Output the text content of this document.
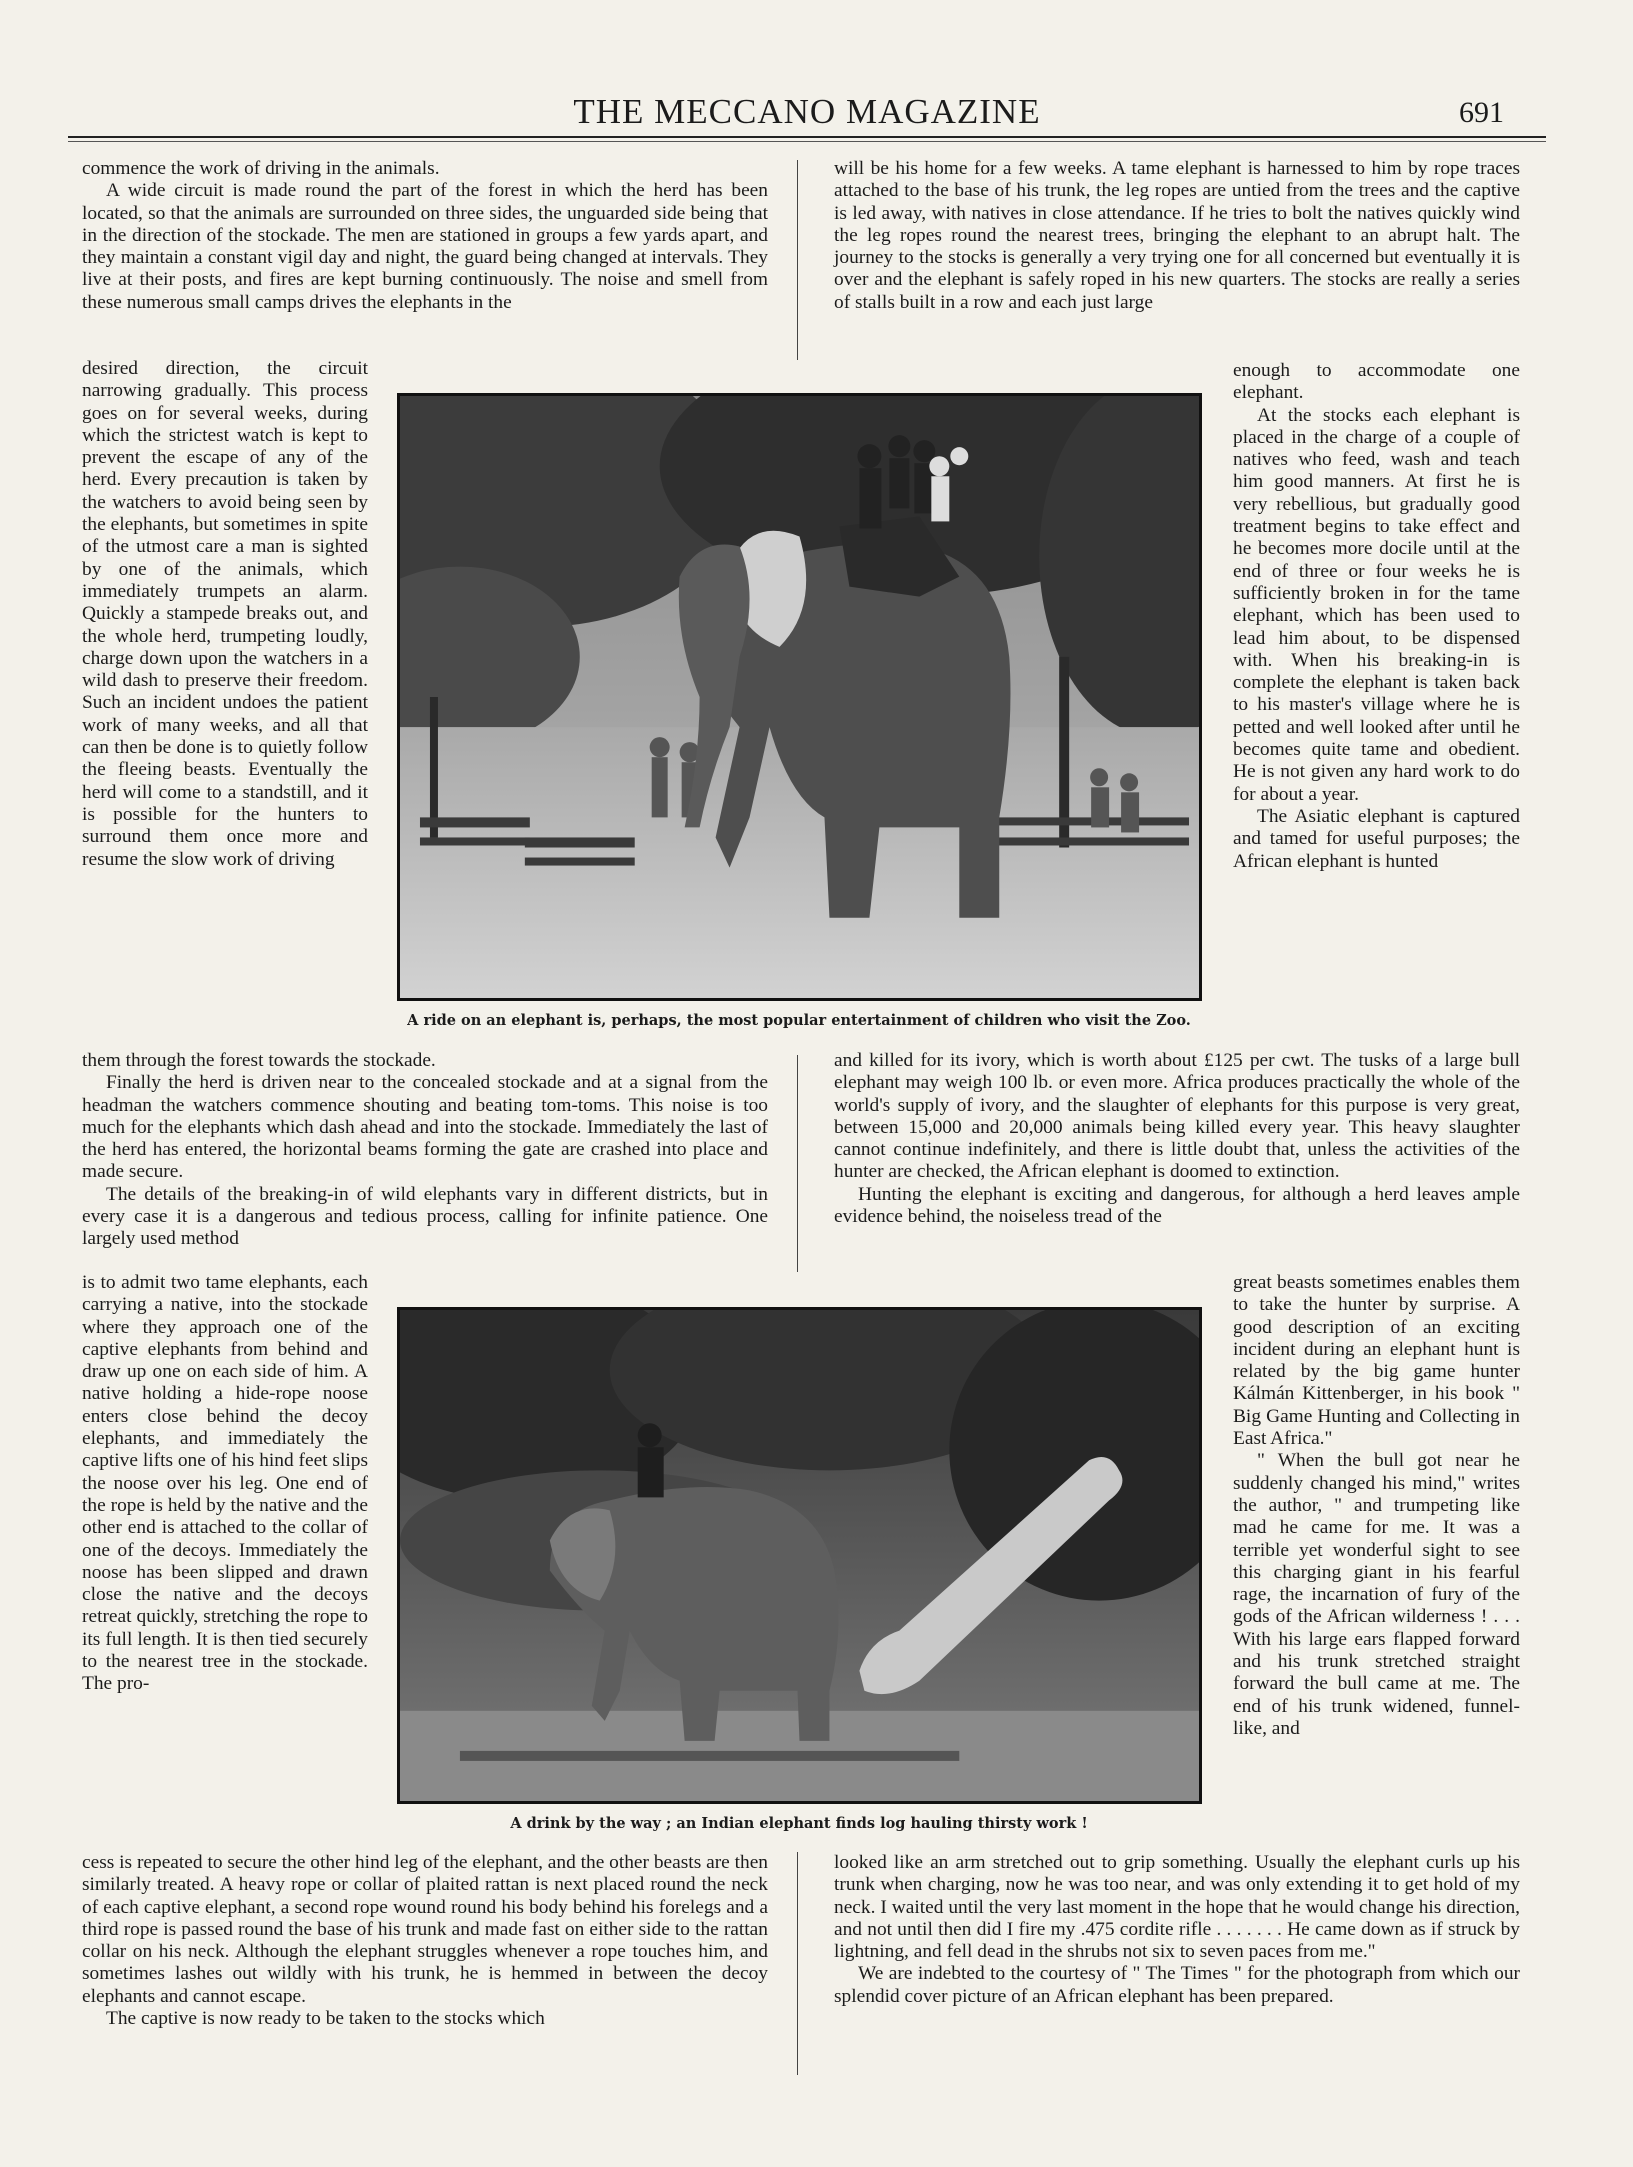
THE MECCANO MAGAZINE	691

commence the work of driving in the animals.

A wide circuit is made round the part of the forest in which the herd has been located, so that the animals are surrounded on three sides, the unguarded side being that in the direction of the stockade. The men are stationed in groups a few yards apart, and they maintain a constant vigil day and night, the guard being changed at intervals. They live at their posts, and fires are kept burning continuously. The noise and smell from these numerous small camps drives the elephants in the

desired direction, the circuit narrowing gradually. This process goes on for several weeks, during which the strictest watch is kept to prevent the escape of any of the herd. Every precaution is taken by the watchers to avoid being seen by the elephants, but sometimes in spite of the utmost care a man is sighted by one of the animals, which immediately trumpets an alarm. Quickly a stampede breaks out, and the whole herd, trumpeting loudly, charge down upon the watchers in a wild dash to preserve their freedom. Such an incident undoes the patient work of many weeks, and all that can then be done is to quietly follow the fleeing beasts. Eventually the herd will come to a standstill, and it is possible for the hunters to surround them once more and resume the slow work of driving

them through the forest towards the stockade.

Finally the herd is driven near to the concealed stockade and at a signal from the headman the watchers commence shouting and beating tom-toms. This noise is too much for the elephants which dash ahead and into the stockade. Immediately the last of the herd has entered, the horizontal beams forming the gate are crashed into place and made secure.

The details of the breaking-in of wild elephants vary in different districts, but in every case it is a dangerous and tedious process, calling for infinite patience. One largely used method

is to admit two tame elephants, each carrying a native, into the stockade where they approach one of the captive elephants from behind and draw up one on each side of him. A native holding a hide-rope noose enters close behind the decoy elephants, and immediately the captive lifts one of his hind feet slips the noose over his leg. One end of the rope is held by the native and the other end is attached to the collar of one of the decoys. Immediately the noose has been slipped and drawn close the native and the decoys retreat quickly, stretching the rope to its full length. It is then tied securely to the nearest tree in the stockade. The pro-

cess is repeated to secure the other hind leg of the elephant, and the other beasts are then similarly treated. A heavy rope or collar of plaited rattan is next placed round the neck of each captive elephant, a second rope wound round his body behind his forelegs and a third rope is passed round the base of his trunk and made fast on either side to the rattan collar on his neck. Although the elephant struggles whenever a rope touches him, and sometimes lashes out wildly with his trunk, he is hemmed in between the decoy elephants and cannot escape.

The captive is now ready to be taken to the stocks which

will be his home for a few weeks. A tame elephant is harnessed to him by rope traces attached to the base of his trunk, the leg ropes are untied from the trees and the captive is led away, with natives in close attendance. If he tries to bolt the natives quickly wind the leg ropes round the nearest trees, bringing the elephant to an abrupt halt. The journey to the stocks is generally a very trying one for all concerned but eventually it is over and the elephant is safely roped in his new quarters. The stocks are really a series of stalls built in a row and each just large

enough to accommodate one elephant.

At the stocks each elephant is placed in the charge of a couple of natives who feed, wash and teach him good manners. At first he is very rebellious, but gradually good treatment begins to take effect and he becomes more docile until at the end of three or four weeks he is sufficiently broken in for the tame elephant, which has been used to lead him about, to be dispensed with. When his breaking-in is complete the elephant is taken back to his master's village where he is petted and well looked after until he becomes quite tame and obedient. He is not given any hard work to do for about a year.

The Asiatic elephant is captured and tamed for useful purposes; the African elephant is hunted

and killed for its ivory, which is worth about £125 per cwt. The tusks of a large bull elephant may weigh 100 lb. or even more. Africa produces practically the whole of the world's supply of ivory, and the slaughter of elephants for this purpose is very great, between 15,000 and 20,000 animals being killed every year. This heavy slaughter cannot continue indefinitely, and there is little doubt that, unless the activities of the hunter are checked, the African elephant is doomed to extinction.

Hunting the elephant is exciting and dangerous, for although a herd leaves ample evidence behind, the noiseless tread of the

great beasts sometimes enables them to take the hunter by surprise. A good description of an exciting incident during an elephant hunt is related by the big game hunter Kálmán Kittenberger, in his book " Big Game Hunting and Collecting in East Africa."

" When the bull got near he suddenly changed his mind," writes the author, " and trumpeting like mad he came for me. It was a terrible yet wonderful sight to see this charging giant in his fearful rage, the incarnation of fury of the gods of the African wilderness ! . . . With his large ears flapped forward and his trunk stretched straight forward the bull came at me. The end of his trunk widened, funnel-like, and

looked like an arm stretched out to grip something. Usually the elephant curls up his trunk when charging, now he was too near, and was only extending it to get hold of my neck. I waited until the very last moment in the hope that he would change his direction, and not until then did I fire my .475 cordite rifle . . . . . . . He came down as if struck by lightning, and fell dead in the shrubs not six to seven paces from me."

We are indebted to the courtesy of " The Times " for the photograph from which our splendid cover picture of an African elephant has been prepared.

A ride on an elephant is, perhaps, the most popular entertainment of children who visit the Zoo.
A drink by the way ; an Indian elephant finds log hauling thirsty work !
